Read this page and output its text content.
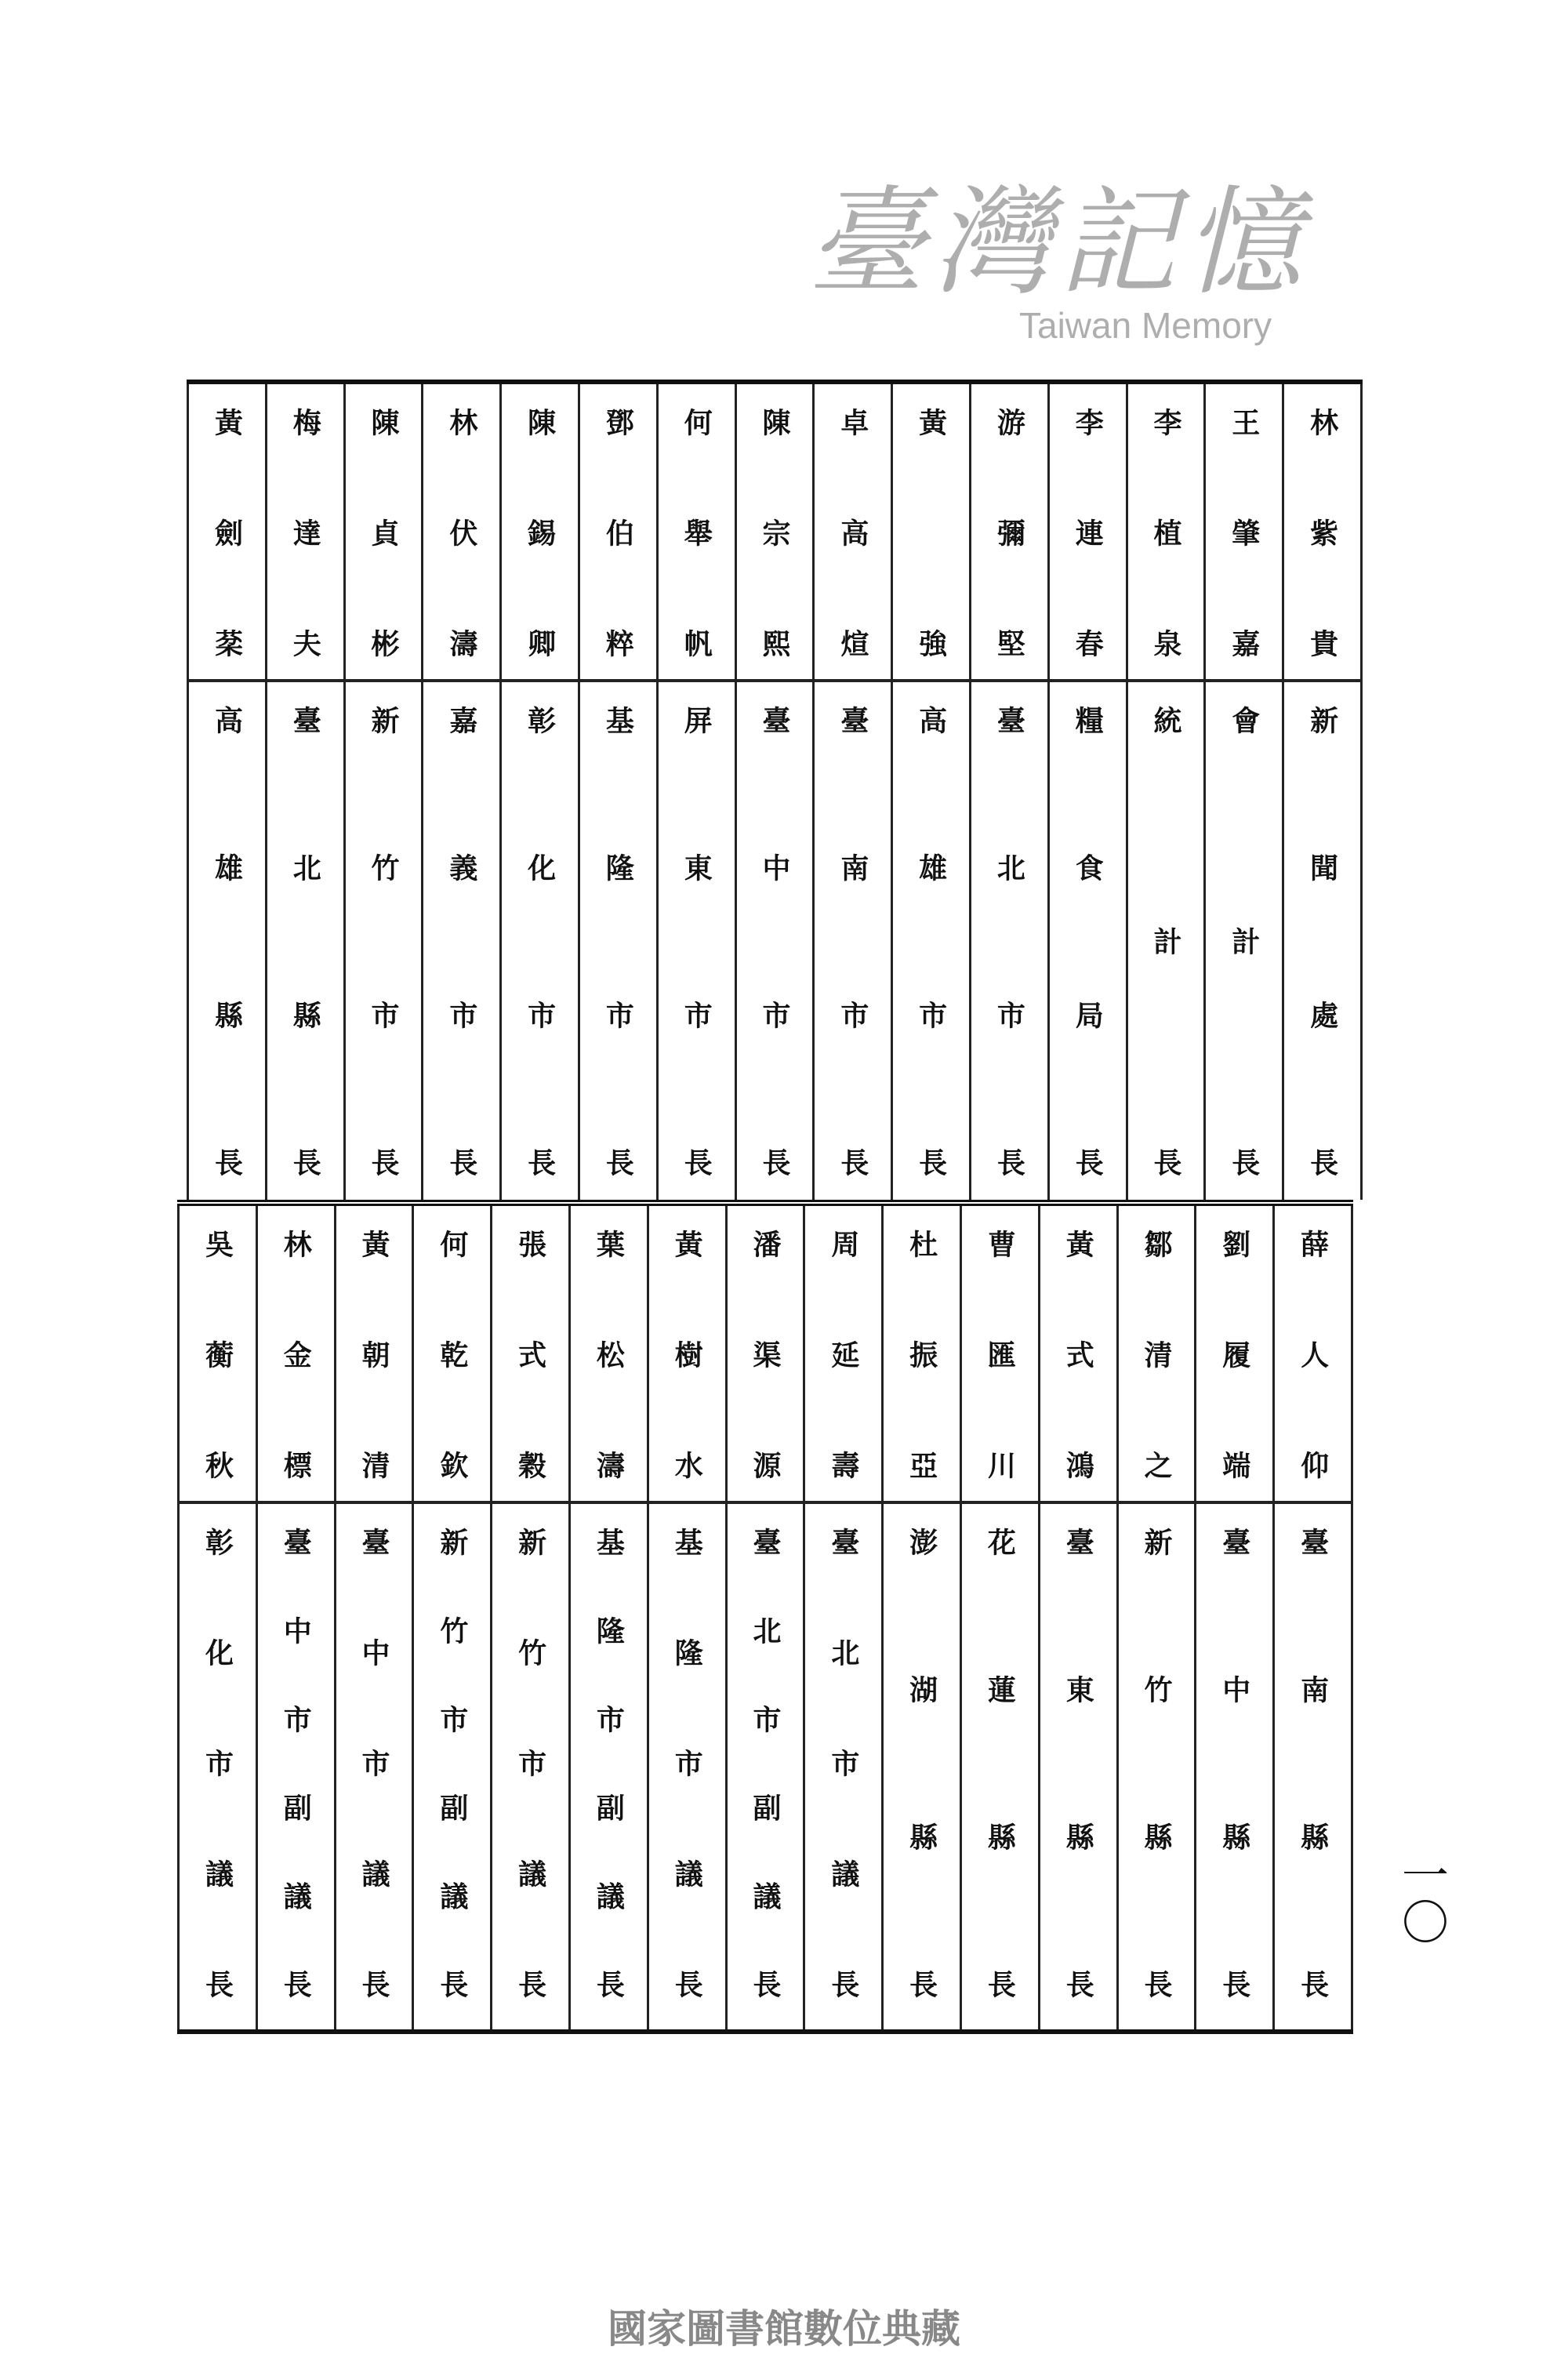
林紫貴
新聞處長
王肇嘉
會計長
李植泉
統計長
李連春
糧食局長
游彌堅
臺北市長
黃強
高雄市長
卓高煊
臺南市長
陳宗熙
臺中市長
何舉帆
屏東市長
鄧伯粹
基隆市長
陳錫卿
彰化市長
林伏濤
嘉義市長
陳貞彬
新竹市長
梅達夫
臺北縣長
黃劍棻
高雄縣長
薛人仰
臺南縣長
劉履端
臺中縣長
鄒清之
新竹縣長
黃式鴻
臺東縣長
曹匯川
花蓮縣長
杜振亞
澎湖縣長
周延壽
臺北市議長
潘渠源
臺北市副議長
黃樹水
基隆市議長
葉松濤
基隆市副議長
張式穀
新竹市議長
何乾欽
新竹市副議長
黃朝清
臺中市議長
林金標
臺中市副議長
吳蘅秋
彰化市議長	一〇
臺灣記憶
Taiwan Memory
國家圖書館數位典藏
